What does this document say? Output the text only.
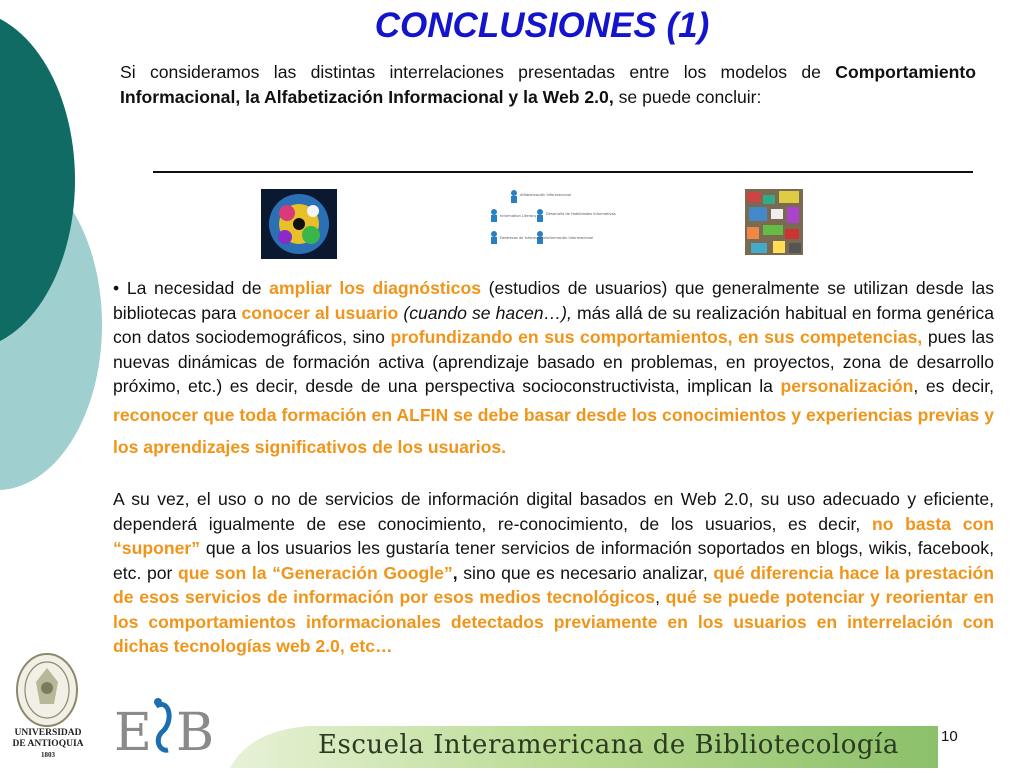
CONCLUSIONES (1)
Si consideramos las distintas interrelaciones presentadas entre los modelos de Comportamiento Informacional, la Alfabetización Informacional y la Web 2.0, se puede concluir:
Alfabetización Informacional
Information Literacy	Desarrollo de Habilidades Informativas
Destrezas de Información Información Informacional
• La necesidad de ampliar los diagnósticos (estudios de usuarios) que generalmente se utilizan desde las bibliotecas para conocer al usuario (cuando se hacen…), más allá de su realización habitual en forma genérica con datos sociodemográficos, sino profundizando en sus comportamientos, en sus competencias, pues las nuevas dinámicas de formación activa (aprendizaje basado en problemas, en proyectos, zona de desarrollo próximo, etc.) es decir, desde de una perspectiva socioconstructivista, implican la personalización, es decir, reconocer que toda formación en ALFIN se debe basar desde los conocimientos y experiencias previas y los aprendizajes significativos de los usuarios.
A su vez, el uso o no de servicios de información digital basados en Web 2.0, su uso adecuado y eficiente, dependerá igualmente de ese conocimiento, re-conocimiento, de los usuarios, es decir, no basta con “suponer” que a los usuarios les gustaría tener servicios de información soportados en blogs, wikis, facebook, etc. por que son la “Generación Google”, sino que es necesario analizar, qué diferencia hace la prestación de esos servicios de información por esos medios tecnológicos, qué se puede potenciar y reorientar en los comportamientos informacionales detectados previamente en los usuarios en interrelación con dichas tecnologías web 2.0, etc…
UNIVERSIDAD
DE ANTIOQUIA
1803	E B	Escuela Interamericana de Bibliotecología	10
